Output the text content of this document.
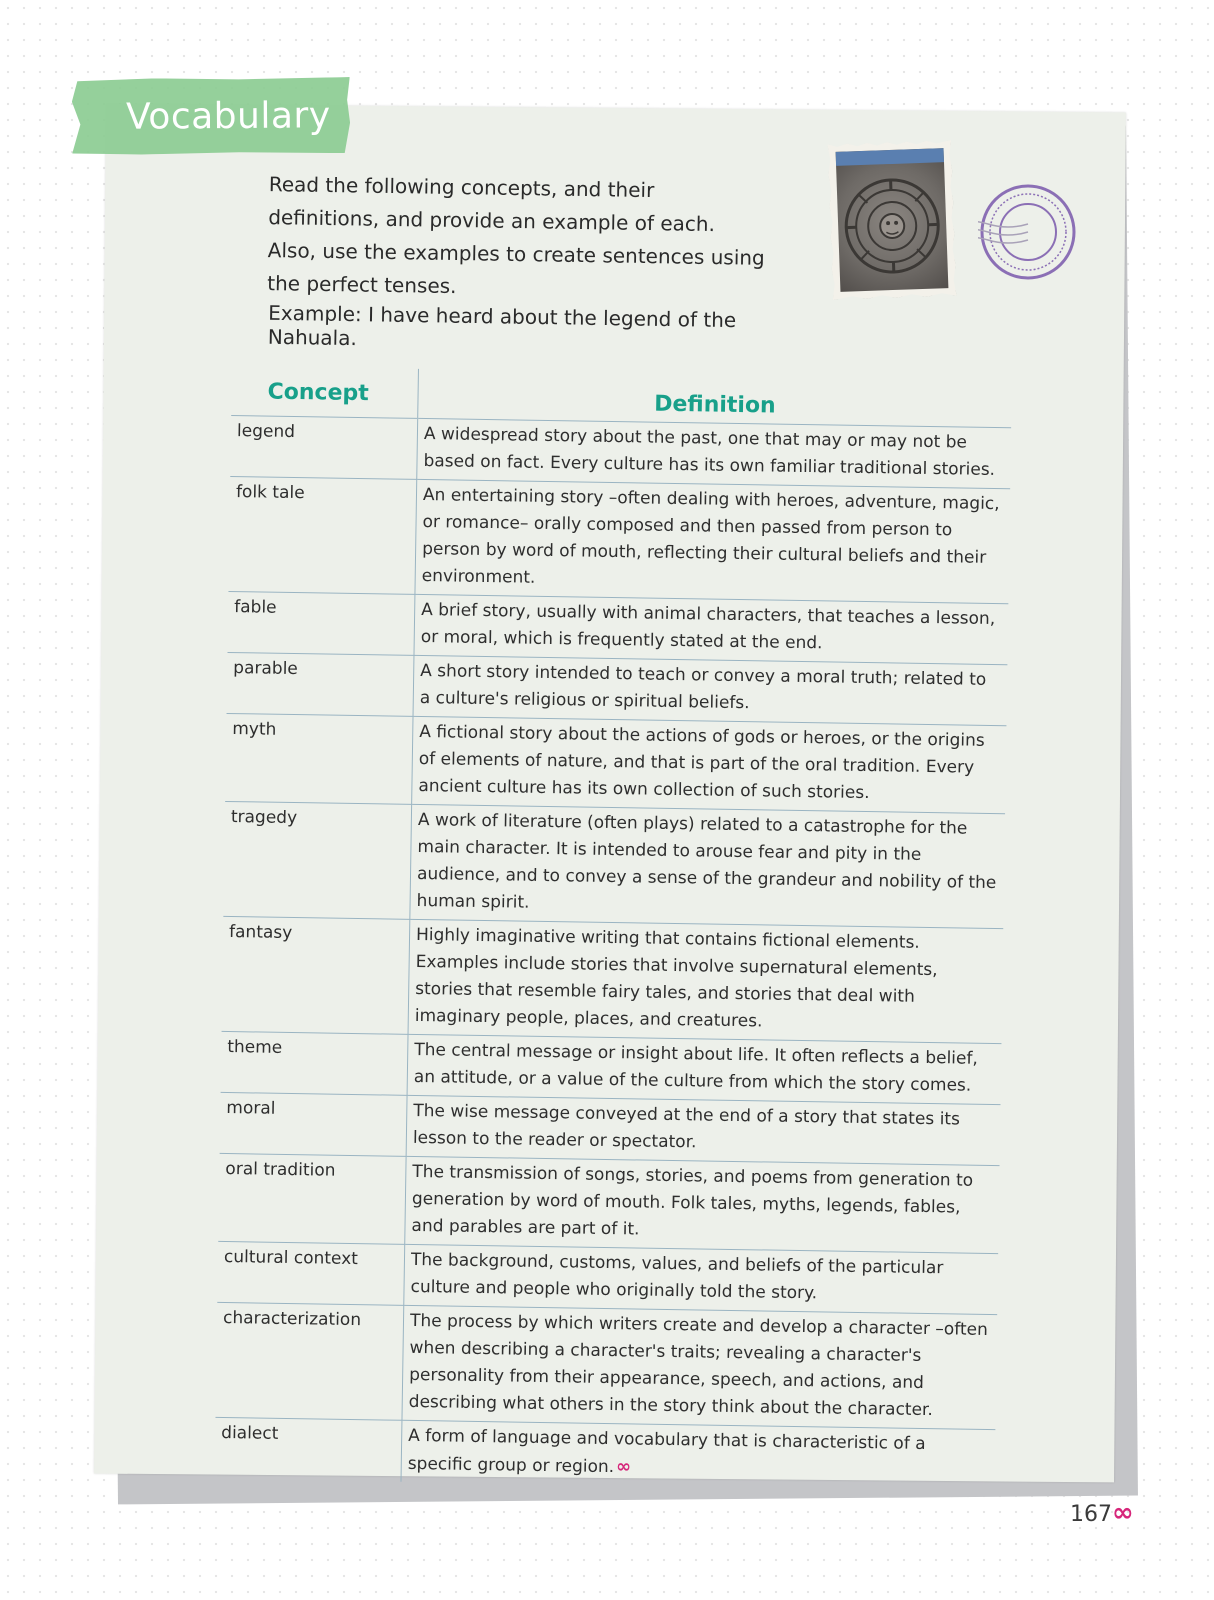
Vocabulary
Read the following concepts, and their definitions, and provide an example of each. Also, use the examples to create sentences using the perfect tenses.
Example: I have heard about the legend of the Nahuala.
Concept	Definition
legend	A widespread story about the past, one that may or may not be based on fact. Every culture has its own familiar traditional stories.
folk tale	An entertaining story –often dealing with heroes, adventure, magic, or romance– orally composed and then passed from person to person by word of mouth, reflecting their cultural beliefs and their environment.
fable	A brief story, usually with animal characters, that teaches a lesson, or moral, which is frequently stated at the end.
parable	A short story intended to teach or convey a moral truth; related to a culture's religious or spiritual beliefs.
myth	A fictional story about the actions of gods or heroes, or the origins of elements of nature, and that is part of the oral tradition. Every ancient culture has its own collection of such stories.
tragedy	A work of literature (often plays) related to a catastrophe for the main character. It is intended to arouse fear and pity in the audience, and to convey a sense of the grandeur and nobility of the human spirit.
fantasy	Highly imaginative writing that contains fictional elements. Examples include stories that involve supernatural elements, stories that resemble fairy tales, and stories that deal with imaginary people, places, and creatures.
theme	The central message or insight about life. It often reflects a belief, an attitude, or a value of the culture from which the story comes.
moral	The wise message conveyed at the end of a story that states its lesson to the reader or spectator.
oral tradition	The transmission of songs, stories, and poems from generation to generation by word of mouth. Folk tales, myths, legends, fables, and parables are part of it.
cultural context	The background, customs, values, and beliefs of the particular culture and people who originally told the story.
characterization	The process by which writers create and develop a character –often when describing a character's traits; revealing a character's personality from their appearance, speech, and actions, and describing what others in the story think about the character.
dialect	A form of language and vocabulary that is characteristic of a specific group or region.∞
167 ∞
